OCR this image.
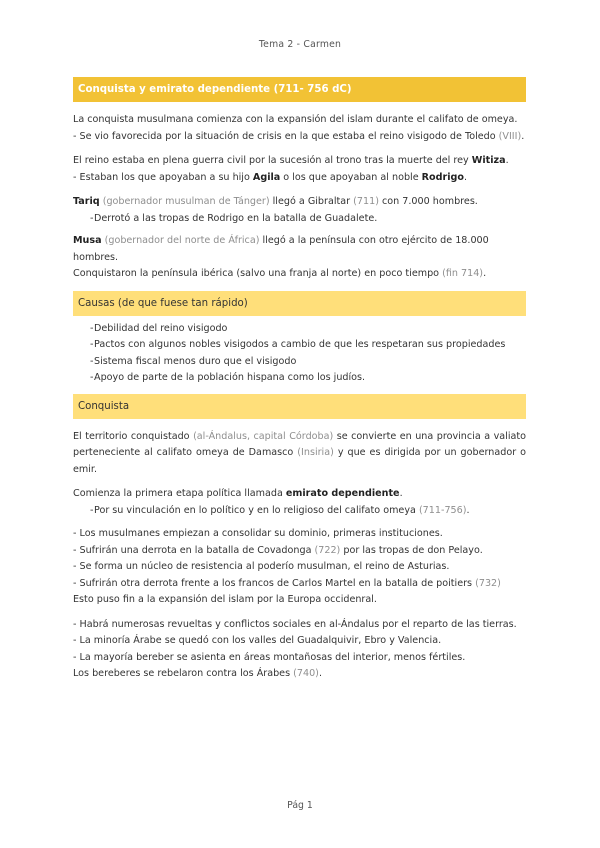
Tema 2 - Carmen
Conquista y emirato dependiente (711- 756 dC)

La conquista musulmana comienza con la expansión del islam durante el califato de omeya.
- Se vio favorecida por la situación de crisis en la que estaba el reino visigodo de Toledo (VIII).

El reino estaba en plena guerra civil por la sucesión al trono tras la muerte del rey Witiza.
- Estaban los que apoyaban a su hijo Agila o los que apoyaban al noble Rodrigo.

Tariq (gobernador musulman de Tánger) llegó a Gibraltar (711) con 7.000 hombres.

- Derrotó a las tropas de Rodrigo en la batalla de Guadalete.

Musa (gobernador del norte de África) llegó a la península con otro ejército de 18.000 hombres.
Conquistaron la península ibérica (salvo una franja al norte) en poco tiempo (fin 714).

Causas (de que fuese tan rápido)
- Debilidad del reino visigodo
- Pactos con algunos nobles visigodos a cambio de que les respetaran sus propiedades
- Sistema fiscal menos duro que el visigodo
- Apoyo de parte de la población hispana como los judíos.
Conquista

El territorio conquistado (al-Ándalus, capital Córdoba) se convierte en una provincia a valiato perteneciente al califato omeya de Damasco (Insiria) y que es dirigida por un gobernador o emir.

Comienza la primera etapa política llamada emirato dependiente.

- Por su vinculación en lo político y en lo religioso del califato omeya (711-756).

- Los musulmanes empiezan a consolidar su dominio, primeras instituciones.
- Sufrirán una derrota en la batalla de Covadonga (722) por las tropas de don Pelayo.
- Se forma un núcleo de resistencia al poderío musulman, el reino de Asturias.
- Sufrirán otra derrota frente a los francos de Carlos Martel en la batalla de poitiers (732)
Esto puso fin a la expansión del islam por la Europa occidenral.

- Habrá numerosas revueltas y conflictos sociales en al-Ándalus por el reparto de las tierras.
- La minoría Árabe se quedó con los valles del Guadalquivir, Ebro y Valencia.
- La mayoría bereber se asienta en áreas montañosas del interior, menos fértiles.
Los bereberes se rebelaron contra los Árabes (740).

Pág 1
